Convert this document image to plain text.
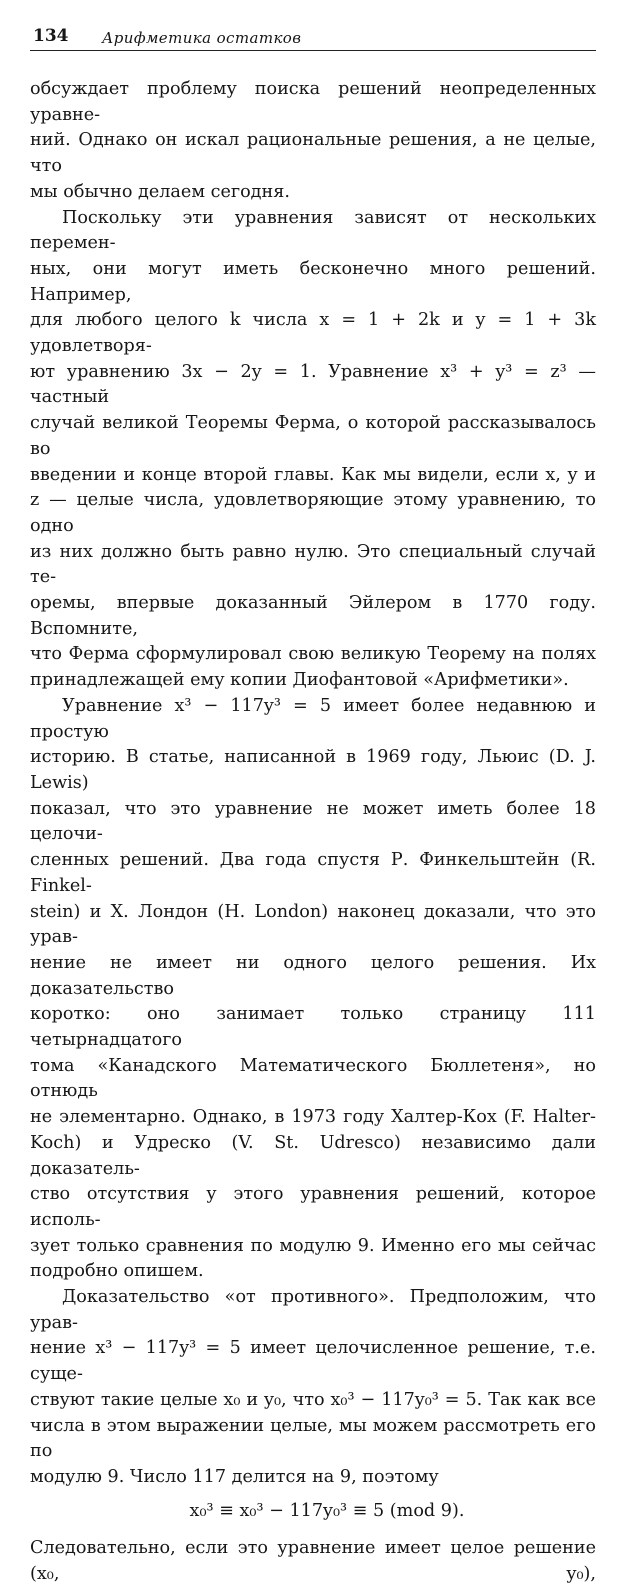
134 Арифметика остатков

обсуждает проблему поиска решений неопределенных уравне-

ний. Однако он искал рациональные решения, а не целые, что

мы обычно делаем сегодня.

Поскольку эти уравнения зависят от нескольких перемен-

ных, они могут иметь бесконечно много решений. Например,

для любого целого k числа x = 1 + 2k и y = 1 + 3k удовлетворя-

ют уравнению 3x − 2y = 1. Уравнение x³ + y³ = z³ — частный

случай великой Теоремы Ферма, о которой рассказывалось во

введении и конце второй главы. Как мы видели, если x, y и

z — целые числа, удовлетворяющие этому уравнению, то одно

из них должно быть равно нулю. Это специальный случай те-

оремы, впервые доказанный Эйлером в 1770 году. Вспомните,

что Ферма сформулировал свою великую Теорему на полях

принадлежащей ему копии Диофантовой «Арифметики».

Уравнение x³ − 117y³ = 5 имеет более недавнюю и простую

историю. В статье, написанной в 1969 году, Льюис (D. J. Lewis)

показал, что это уравнение не может иметь более 18 целочи-

сленных решений. Два года спустя Р. Финкельштейн (R. Finkel-

stein) и Х. Лондон (H. London) наконец доказали, что это урав-

нение не имеет ни одного целого решения. Их доказательство

коротко: оно занимает только страницу 111 четырнадцатого

тома «Канадского Математического Бюллетеня», но отнюдь

не элементарно. Однако, в 1973 году Халтер-Кох (F. Halter-

Koch) и Удреско (V. St. Udresco) независимо дали доказатель-

ство отсутствия у этого уравнения решений, которое исполь-

зует только сравнения по модулю 9. Именно его мы сейчас

подробно опишем.

Доказательство «от противного». Предположим, что урав-

нение x³ − 117y³ = 5 имеет целочисленное решение, т.е. суще-

ствуют такие целые x₀ и y₀, что x₀³ − 117y₀³ = 5. Так как все

числа в этом выражении целые, мы можем рассмотреть его по

модулю 9. Число 117 делится на 9, поэтому

x₀³ ≡ x₀³ − 117y₀³ ≡ 5 (mod 9).

Следовательно, если это уравнение имеет целое решение (x₀, y₀),
